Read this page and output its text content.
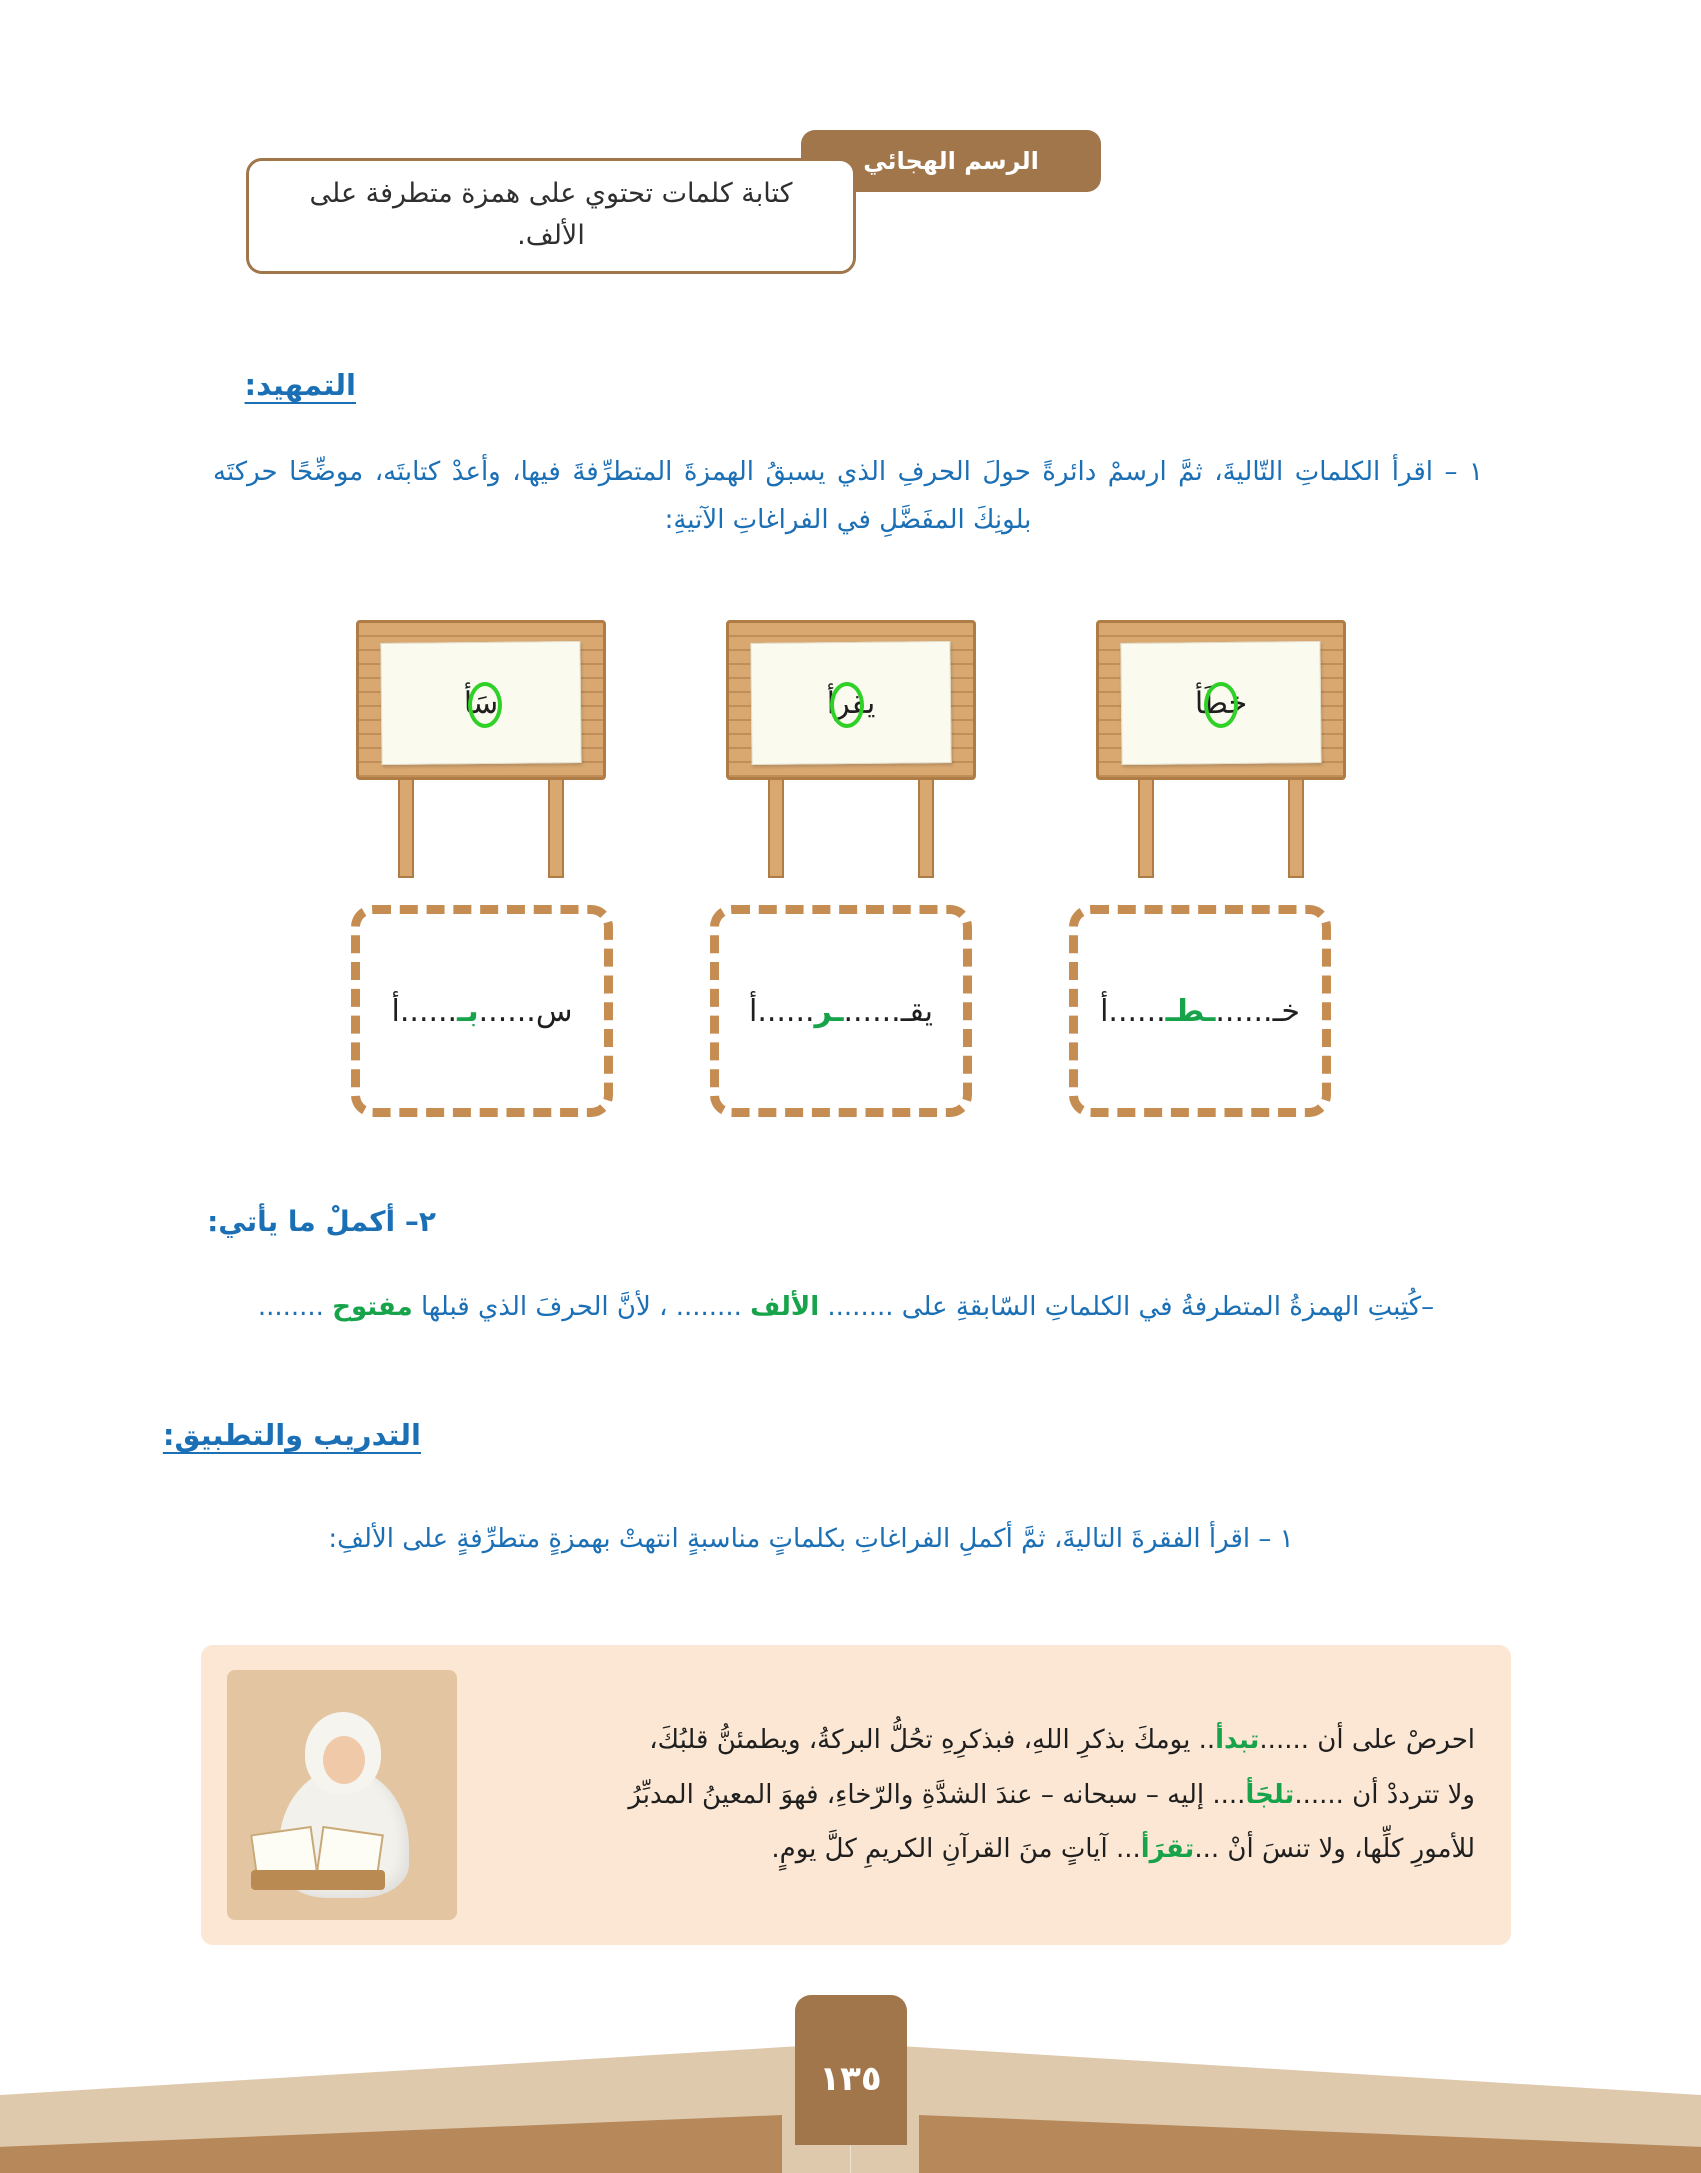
الرسم الهجائي
كتابة كلمات تحتوي على همزة متطرفة على الألف.
التمهيد:
١ – اقرأ الكلماتِ التّاليةَ، ثمَّ ارسمْ دائرةً حولَ الحرفِ الذي يسبقُ الهمزةَ المتطرِّفةَ فيها، وأعدْ كتابتَه، موضِّحًا حركتَه بلونِكَ المفَضَّلِ في الفراغاتِ الآتيةِ:
خطَأ
يقرأ
سَأ
خـ......ـطـ......أ
يقـ......ـر......أ
س......بـ......أ
٢– أكملْ ما يأتي:
–كُتِبتِ الهمزةُ المتطرفةُ في الكلماتِ السّابقةِ على ........ الألف ........ ، لأنَّ الحرفَ الذي قبلها مفتوح ........
التدريب والتطبيق:
١ – اقرأ الفقرةَ التاليةَ، ثمَّ أكملِ الفراغاتِ بكلماتٍ مناسبةٍ انتهتْ بهمزةٍ متطرِّفةٍ على الألفِ:
احرصْ على أن ......تبدأ.. يومكَ بذكرِ اللهِ، فبذكرِهِ تحُلُّ البركةُ، ويطمئنُّ قلبُكَ،
ولا تترددْ أن ......تلجَأ.... إليه – سبحانه – عندَ الشدَّةِ والرّخاءِ، فهوَ المعينُ المدبِّرُ
للأمورِ كلِّها، ولا تنسَ أنْ ...تقرَأ... آياتٍ منَ القرآنِ الكريمِ كلَّ يومٍ.
١٣٥
